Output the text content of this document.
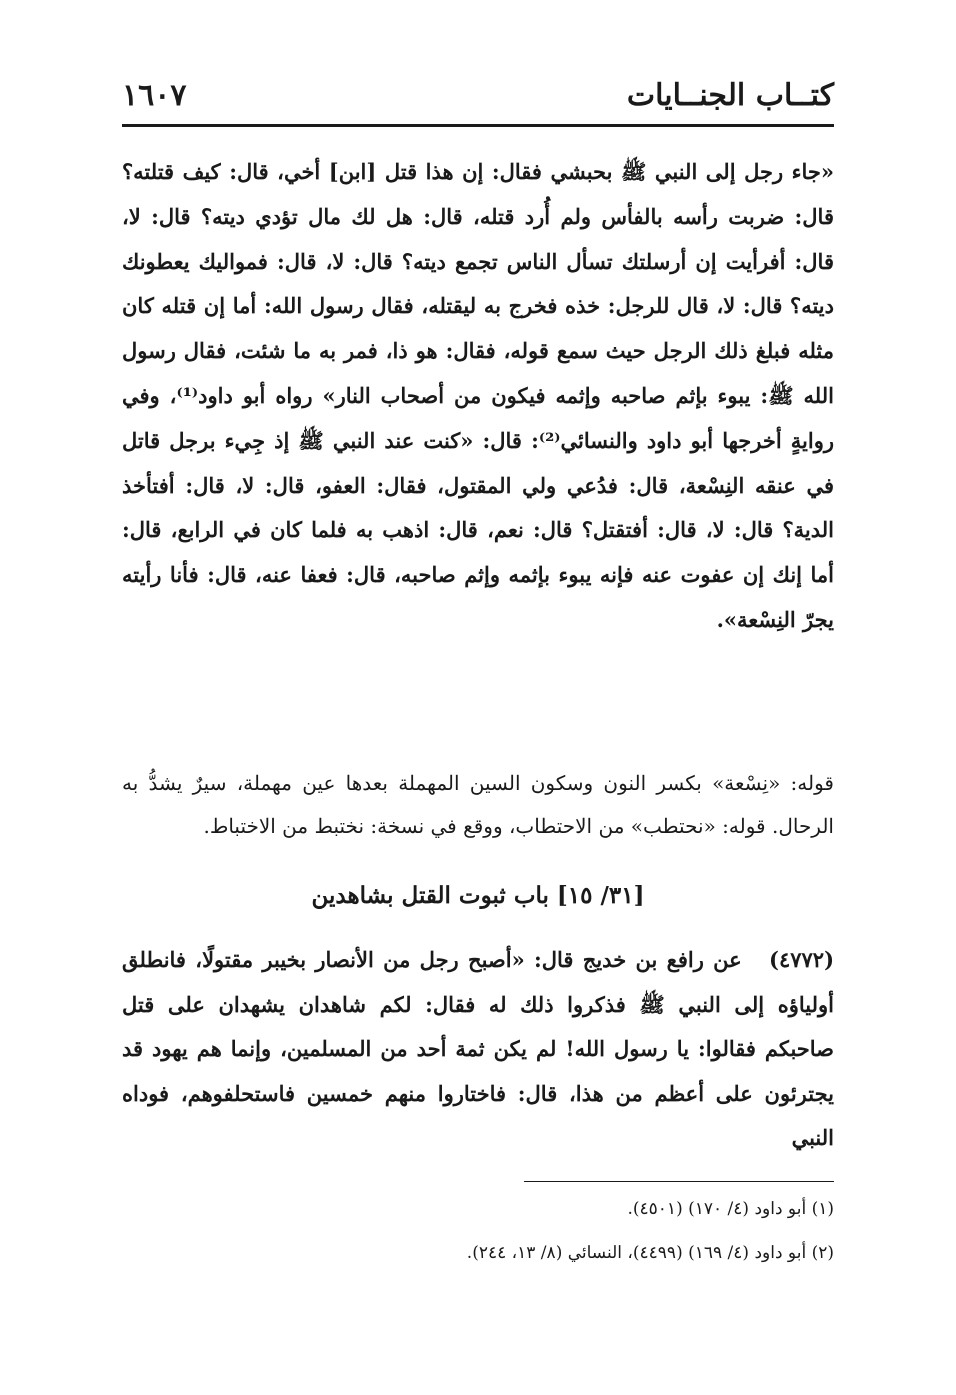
١٦٠٧	كتــاب الجنــايات
«جاء رجل إلى النبي ﷺ بحبشي فقال: إن هذا قتل [ابن] أخي، قال: كيف قتلته؟ قال: ضربت رأسه بالفأس ولم أُرد قتله، قال: هل لك مال تؤدي ديته؟ قال: لا، قال: أفرأيت إن أرسلتك تسأل الناس تجمع ديته؟ قال: لا، قال: فمواليك يعطونك ديته؟ قال: لا، قال للرجل: خذه فخرج به ليقتله، فقال رسول الله: أما إن قتله كان مثله فبلغ ذلك الرجل حيث سمع قوله، فقال: هو ذا، فمر به ما شئت، فقال رسول الله ﷺ: يبوء بإثم صاحبه وإثمه فيكون من أصحاب النار» رواه أبو داود⁽¹⁾، وفي روايةٍ أخرجها أبو داود والنسائي⁽²⁾: قال: «كنت عند النبي ﷺ إذ جِيء برجل قاتل في عنقه النِسْعة، قال: فدُعي ولي المقتول، فقال: العفو، قال: لا، قال: أفتأخذ الدية؟ قال: لا، قال: أفتقتل؟ قال: نعم، قال: اذهب به فلما كان في الرابع، قال: أما إنك إن عفوت عنه فإنه يبوء بإثمه وإثم صاحبه، قال: فعفا عنه، قال: فأنا رأيته يجرّ النِسْعة».
قوله: «نِسْعة» بكسر النون وسكون السين المهملة بعدها عين مهملة، سيرٌ يشدُّ به الرحال. قوله: «نحتطب» من الاحتطاب، ووقع في نسخة: نختبط من الاختباط.
[٣١/ ١٥] باب ثبوت القتل بشاهدين
(٤٧٧٢) عن رافع بن خديج قال: «أصبح رجل من الأنصار بخيبر مقتولًا، فانطلق أولياؤه إلى النبي ﷺ فذكروا ذلك له فقال: لكم شاهدان يشهدان على قتل صاحبكم فقالوا: يا رسول الله! لم يكن ثمة أحد من المسلمين، وإنما هم يهود قد يجترئون على أعظم من هذا، قال: فاختاروا منهم خمسين فاستحلفوهم، فوداه النبي
(١) أبو داود (٤/ ١٧٠) (٤٥٠١).
(٢) أبو داود (٤/ ١٦٩) (٤٤٩٩)، النسائي (٨/ ١٣، ٢٤٤).
